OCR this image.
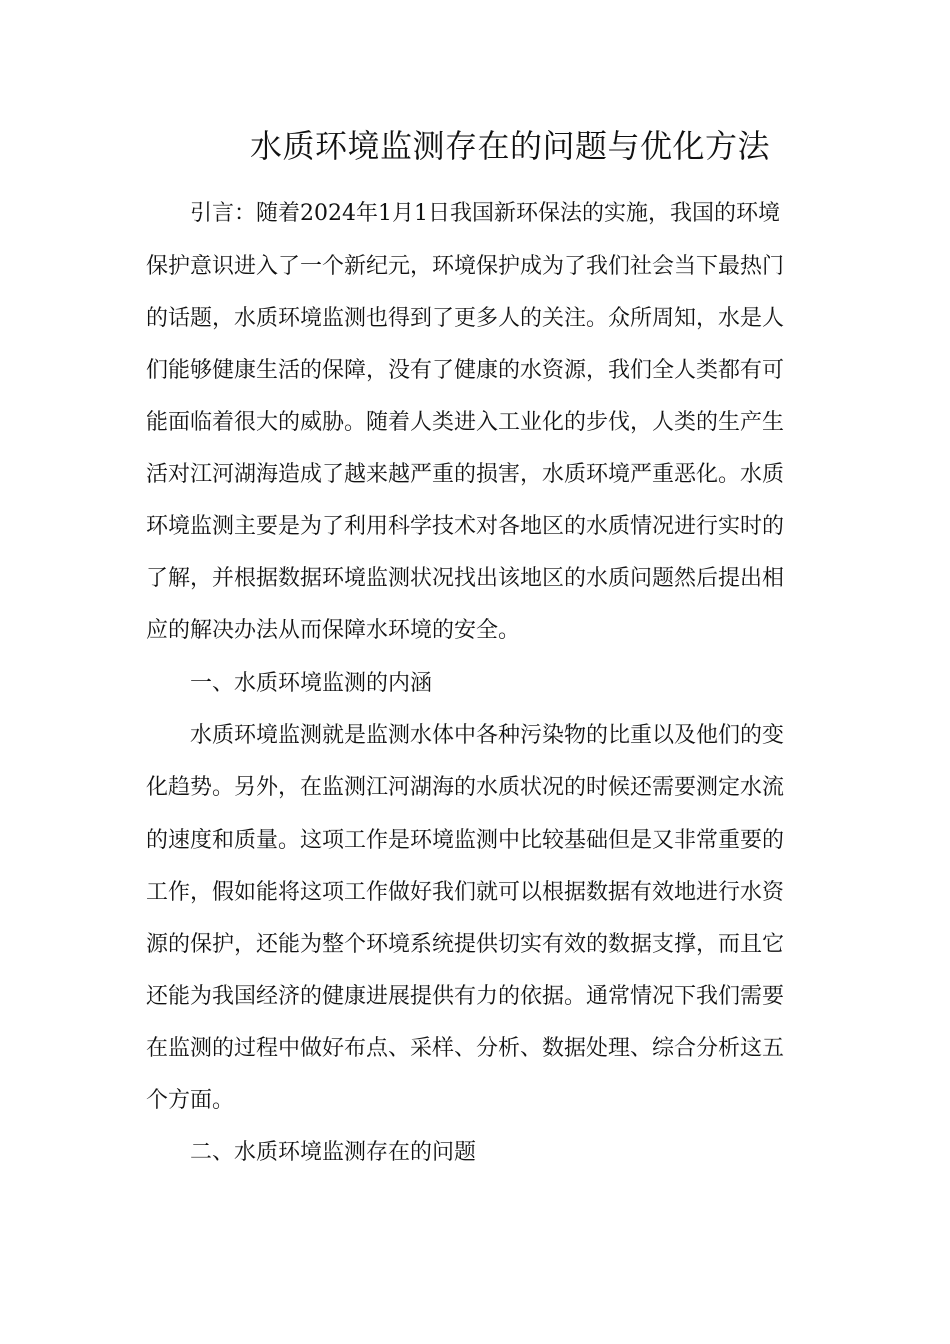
水质环境监测存在的问题与优化方法
引言：随着2024年1月1日我国新环保法的实施，我国的环境
保护意识进入了一个新纪元，环境保护成为了我们社会当下最热门
的话题，水质环境监测也得到了更多人的关注。众所周知，水是人
们能够健康生活的保障，没有了健康的水资源，我们全人类都有可
能面临着很大的威胁。随着人类进入工业化的步伐，人类的生产生
活对江河湖海造成了越来越严重的损害，水质环境严重恶化。水质
环境监测主要是为了利用科学技术对各地区的水质情况进行实时的
了解，并根据数据环境监测状况找出该地区的水质问题然后提出相
应的解决办法从而保障水环境的安全。
一、水质环境监测的内涵
水质环境监测就是监测水体中各种污染物的比重以及他们的变
化趋势。另外，在监测江河湖海的水质状况的时候还需要测定水流
的速度和质量。这项工作是环境监测中比较基础但是又非常重要的
工作，假如能将这项工作做好我们就可以根据数据有效地进行水资
源的保护，还能为整个环境系统提供切实有效的数据支撑，而且它
还能为我国经济的健康进展提供有力的依据。通常情况下我们需要
在监测的过程中做好布点、采样、分析、数据处理、综合分析这五
个方面。
二、水质环境监测存在的问题
